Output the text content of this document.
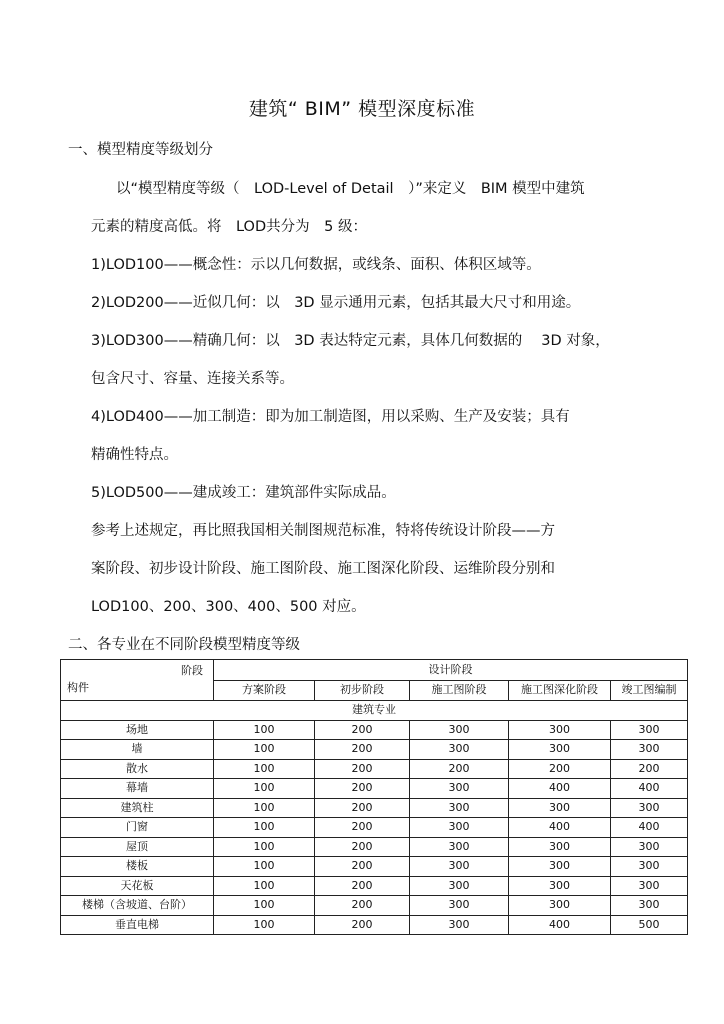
建筑“ BIM” 模型深度标准
一、模型精度等级划分
以“模型精度等级（　LOD-Level of Detail　）”来定义　BIM 模型中建筑
元素的精度高低。将　LOD共分为　5 级：
1)LOD100——概念性：示以几何数据，或线条、面积、体积区域等。
2)LOD200——近似几何：以　3D 显示通用元素，包括其最大尺寸和用途。
3)LOD300——精确几何：以　3D 表达特定元素，具体几何数据的　 3D 对象，
包含尺寸、容量、连接关系等。
4)LOD400——加工制造：即为加工制造图，用以采购、生产及安装；具有
精确性特点。
5)LOD500——建成竣工：建筑部件实际成品。
参考上述规定，再比照我国相关制图规范标准，特将传统设计阶段——方
案阶段、初步设计阶段、施工图阶段、施工图深化阶段、运维阶段分别和
LOD100、200、300、400、500 对应。
二、各专业在不同阶段模型精度等级
阶段
构件	设计阶段				
	方案阶段	初步阶段	施工图阶段	施工图深化阶段	竣工图编制
建筑专业					
场地	100	200	300	300	300
墙	100	200	300	300	300
散水	100	200	200	200	200
幕墙	100	200	300	400	400
建筑柱	100	200	300	300	300
门窗	100	200	300	400	400
屋顶	100	200	300	300	300
楼板	100	200	300	300	300
天花板	100	200	300	300	300
楼梯（含坡道、台阶）	100	200	300	300	300
垂直电梯	100	200	300	400	500
